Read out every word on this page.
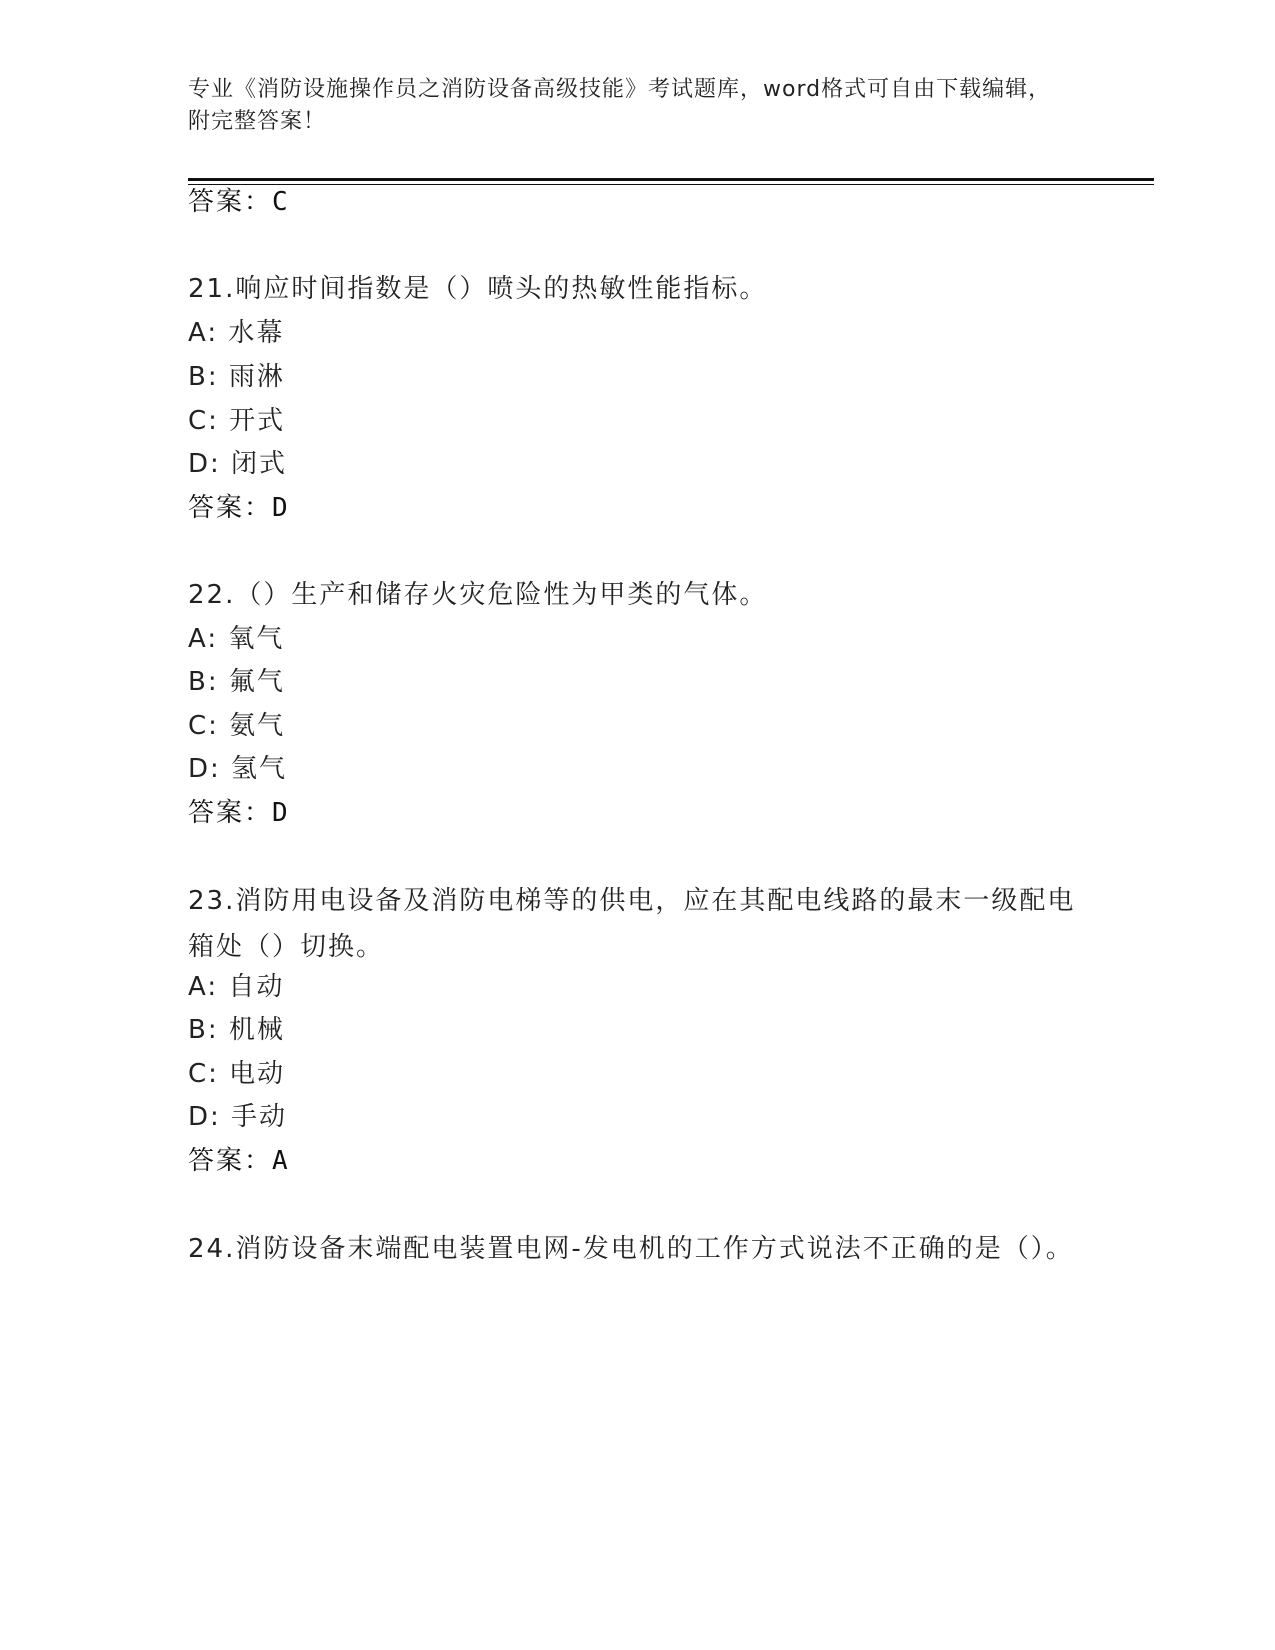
专业《消防设施操作员之消防设备高级技能》考试题库，word格式可自由下载编辑，附完整答案！
答案：C
21.响应时间指数是（）喷头的热敏性能指标。
A: 水幕
B: 雨淋
C: 开式
D: 闭式
答案：D
22.（）生产和储存火灾危险性为甲类的气体。
A: 氧气
B: 氟气
C: 氨气
D: 氢气
答案：D
23.消防用电设备及消防电梯等的供电，应在其配电线路的最末一级配电箱处（）切换。
A: 自动
B: 机械
C: 电动
D: 手动
答案：A
24.消防设备末端配电装置电网-发电机的工作方式说法不正确的是（）。
